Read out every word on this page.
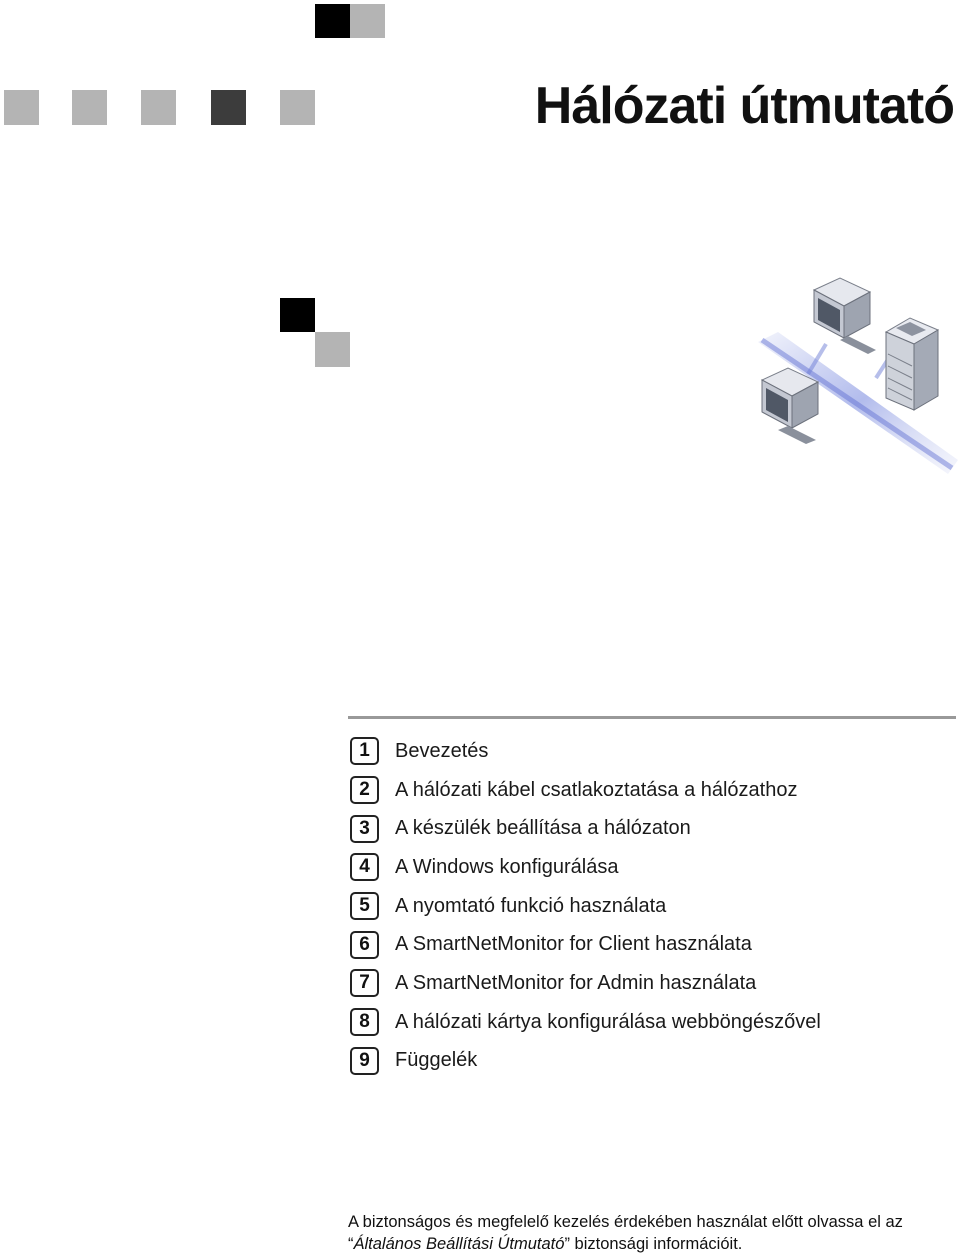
Hálózati útmutató
1	Bevezetés
2	A hálózati kábel csatlakoztatása a hálózathoz
3	A készülék beállítása a hálózaton
4	A Windows konfigurálása
5	A nyomtató funkció használata
6	A SmartNetMonitor for Client használata
7	A SmartNetMonitor for Admin használata
8	A hálózati kártya konfigurálása webböngészővel
9	Függelék

A biztonságos és megfelelő kezelés érdekében használat előtt olvassa el az “Általános Beállítási Útmutató” biztonsági információit.
